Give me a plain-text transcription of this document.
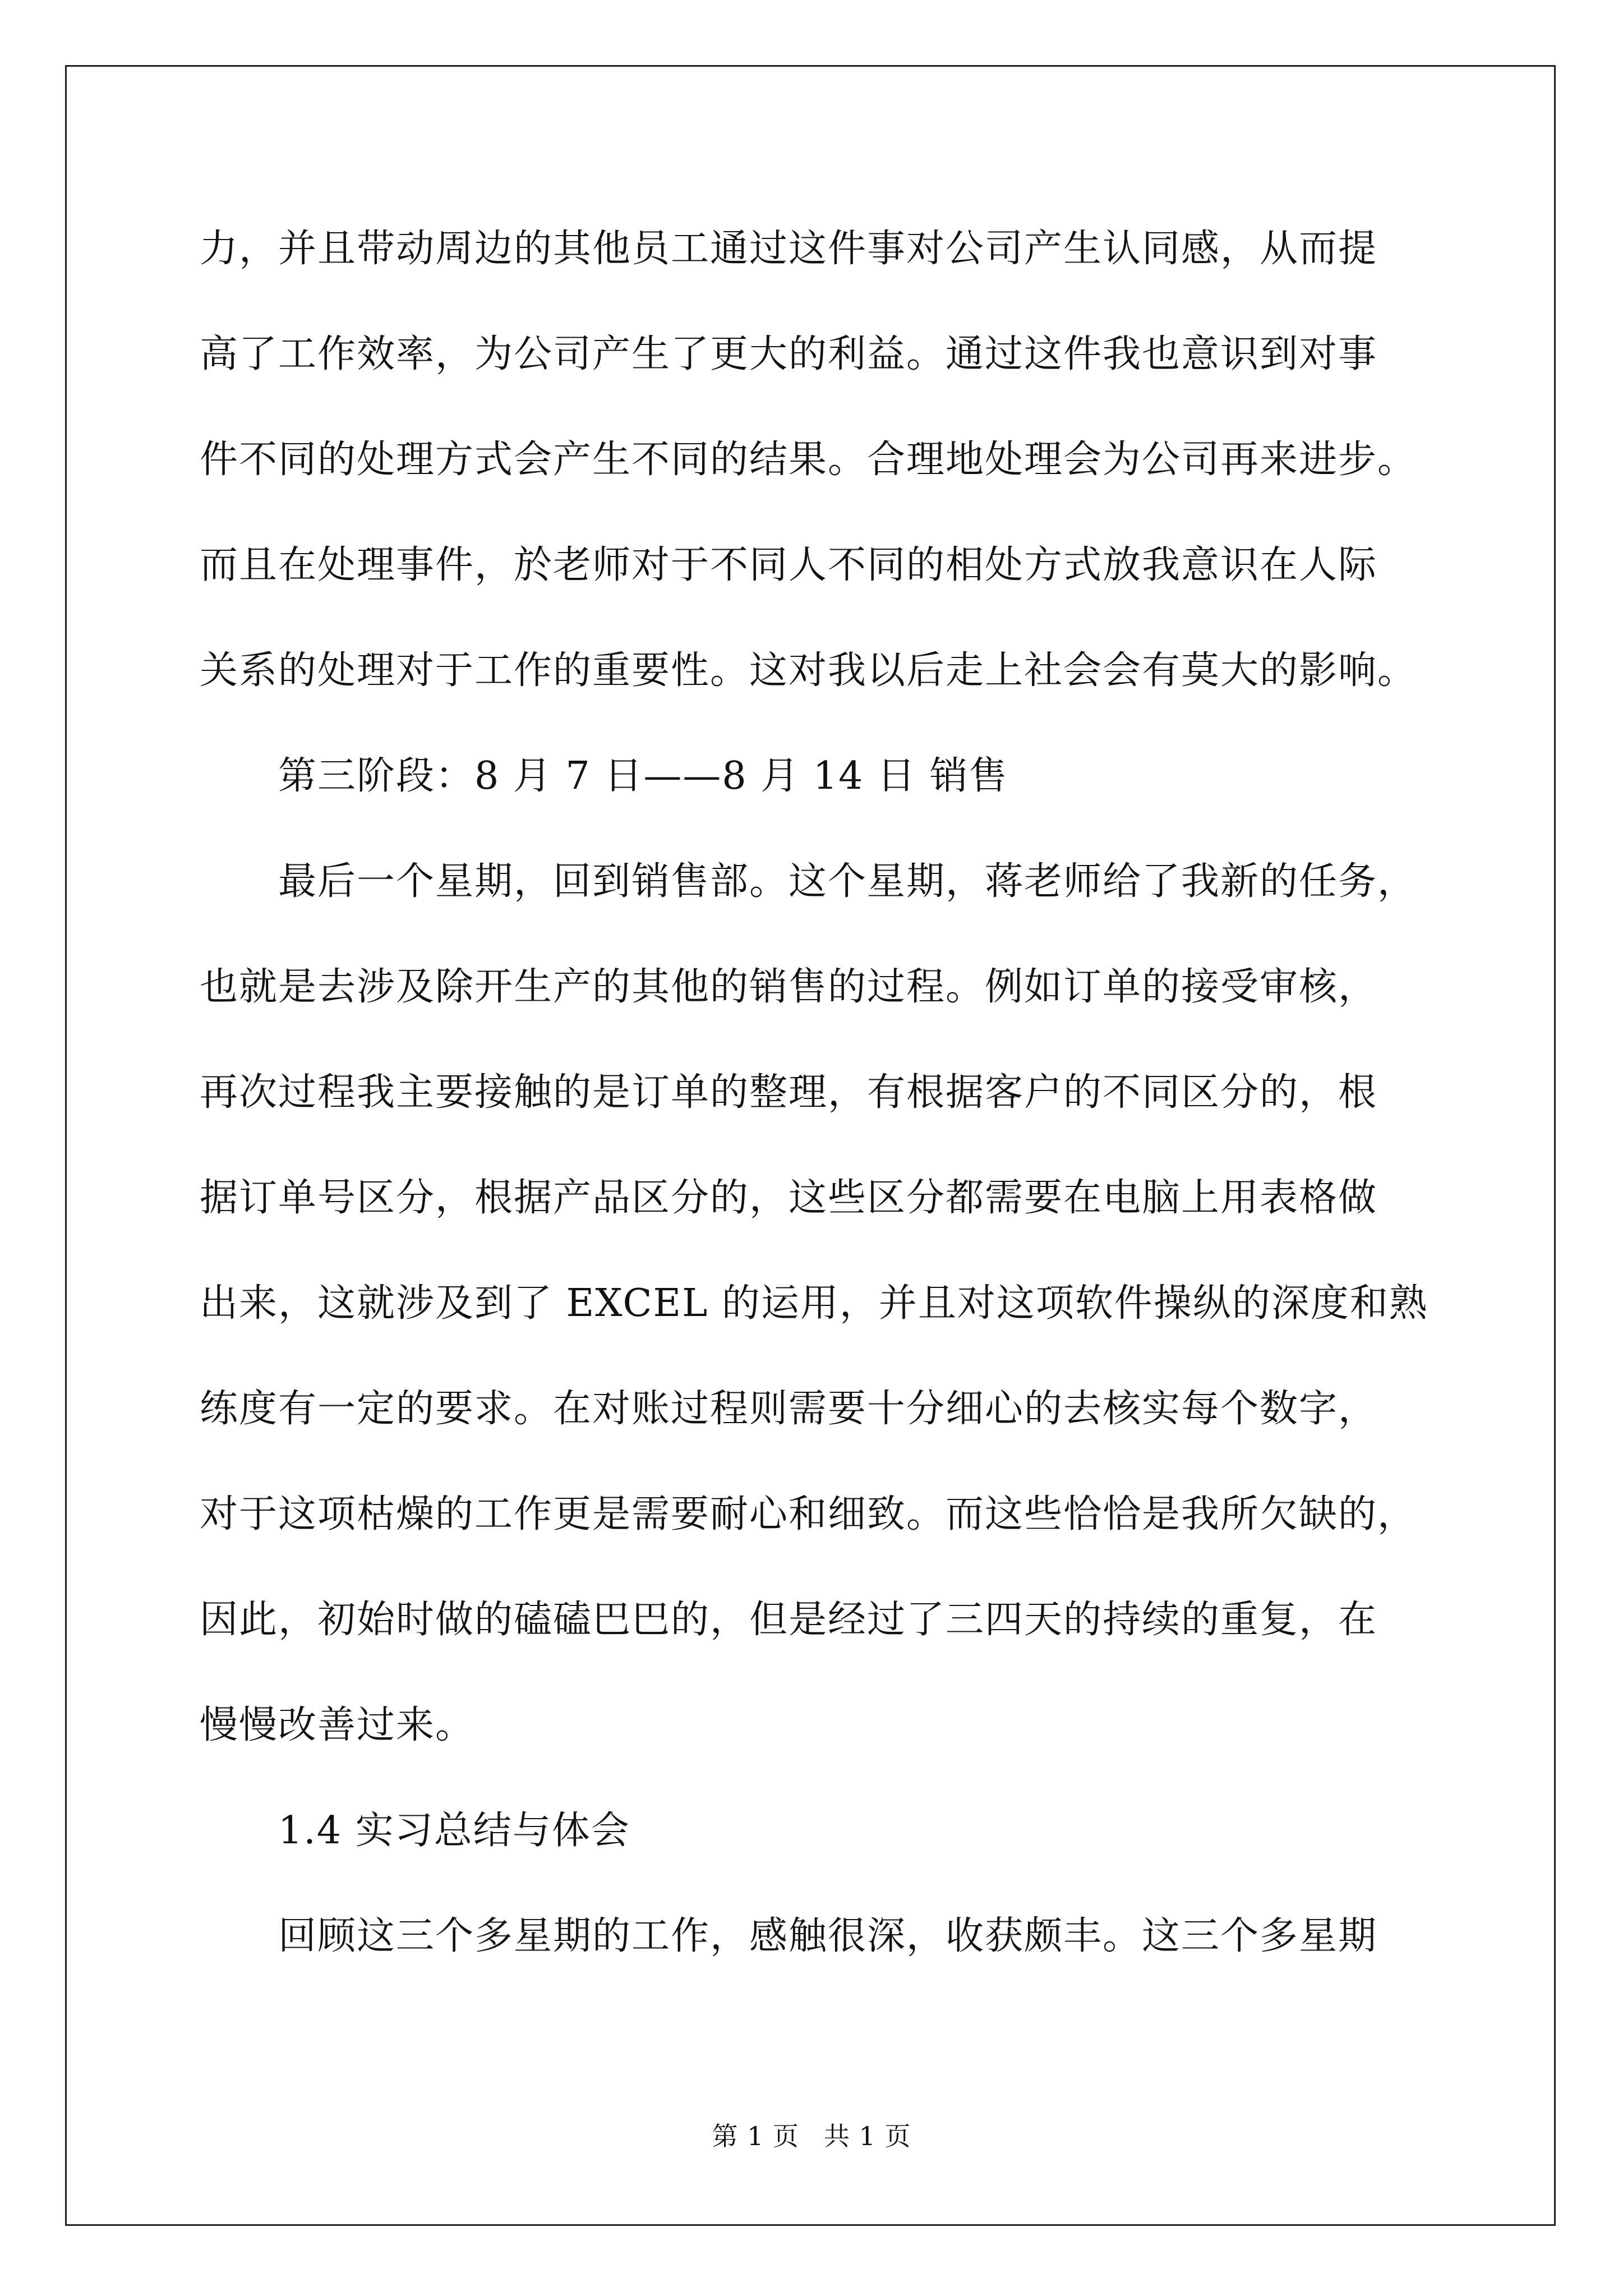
力，并且带动周边的其他员工通过这件事对公司产生认同感，从而提
高了工作效率，为公司产生了更大的利益。通过这件我也意识到对事
件不同的处理方式会产生不同的结果。合理地处理会为公司再来进步。
而且在处理事件，於老师对于不同人不同的相处方式放我意识在人际
关系的处理对于工作的重要性。这对我以后走上社会会有莫大的影响。
第三阶段：8 月 7 日——8 月 14 日 销售
最后一个星期，回到销售部。这个星期，蒋老师给了我新的任务，
也就是去涉及除开生产的其他的销售的过程。例如订单的接受审核，
再次过程我主要接触的是订单的整理，有根据客户的不同区分的，根
据订单号区分，根据产品区分的，这些区分都需要在电脑上用表格做
出来，这就涉及到了 EXCEL 的运用，并且对这项软件操纵的深度和熟
练度有一定的要求。在对账过程则需要十分细心的去核实每个数字，
对于这项枯燥的工作更是需要耐心和细致。而这些恰恰是我所欠缺的，
因此，初始时做的磕磕巴巴的，但是经过了三四天的持续的重复，在
慢慢改善过来。
1.4 实习总结与体会
回顾这三个多星期的工作，感触很深，收获颇丰。这三个多星期
第 1 页 共 1 页
